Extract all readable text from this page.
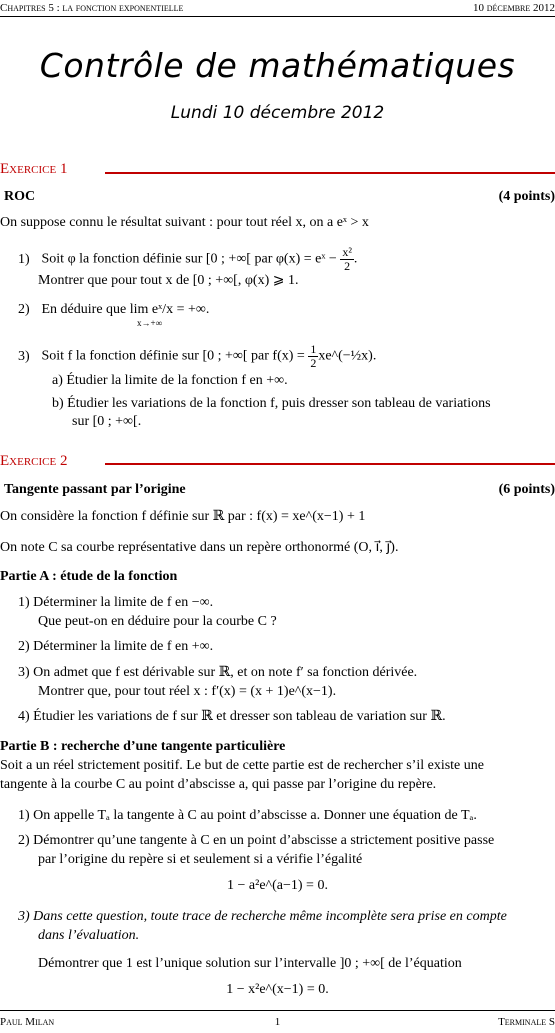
Chapitres 5 : la fonction exponentielle	10 décembre 2012
Contrôle de mathématiques
Lundi 10 décembre 2012
Exercice 1
ROC	(4 points)
On suppose connu le résultat suivant : pour tout réel x, on a eˣ > x
1) Soit φ la fonction définie sur [0 ; +∞[ par φ(x) = eˣ − $\frac{\text{x²}}{2}$ .
Montrer que pour tout x de [0 ; +∞[, φ(x) ⩾ 1.
2) En déduire que lim eˣ/x = +∞.
x→+∞
3) Soit f la fonction définie sur [0 ; +∞[ par $f(x) = \frac{1}{2}$ xe^(−½x).
a) Étudier la limite de la fonction f en +∞.
b) Étudier les variations de la fonction f, puis dresser son tableau de variations
sur [0 ; +∞[.
Exercice 2
Tangente passant par l’origine	(6 points)
On considère la fonction f définie sur ℝ par : f(x) = xe^(x−1) + 1
On note C sa courbe représentative dans un repère orthonormé (O, i⃗, j⃗).
Partie A : étude de la fonction
1) Déterminer la limite de f en −∞.
Que peut-on en déduire pour la courbe C ?
2) Déterminer la limite de f en +∞.
3) On admet que f est dérivable sur ℝ, et on note f′ sa fonction dérivée.
Montrer que, pour tout réel x : f′(x) = (x + 1)e^(x−1).
4) Étudier les variations de f sur ℝ et dresser son tableau de variation sur ℝ.
Partie B : recherche d’une tangente particulière
Soit a un réel strictement positif. Le but de cette partie est de rechercher s’il existe une
tangente à la courbe C au point d’abscisse a, qui passe par l’origine du repère.
1) On appelle Tₐ la tangente à C au point d’abscisse a. Donner une équation de Tₐ.
2) Démontrer qu’une tangente à C en un point d’abscisse a strictement positive passe
par l’origine du repère si et seulement si a vérifie l’égalité
1 − a²e^(a−1) = 0.
3) Dans cette question, toute trace de recherche même incomplète sera prise en compte
dans l’évaluation.
Démontrer que 1 est l’unique solution sur l’intervalle ]0 ; +∞[ de l’équation
1 − x²e^(x−1) = 0.
Paul Milan	1	Terminale S
